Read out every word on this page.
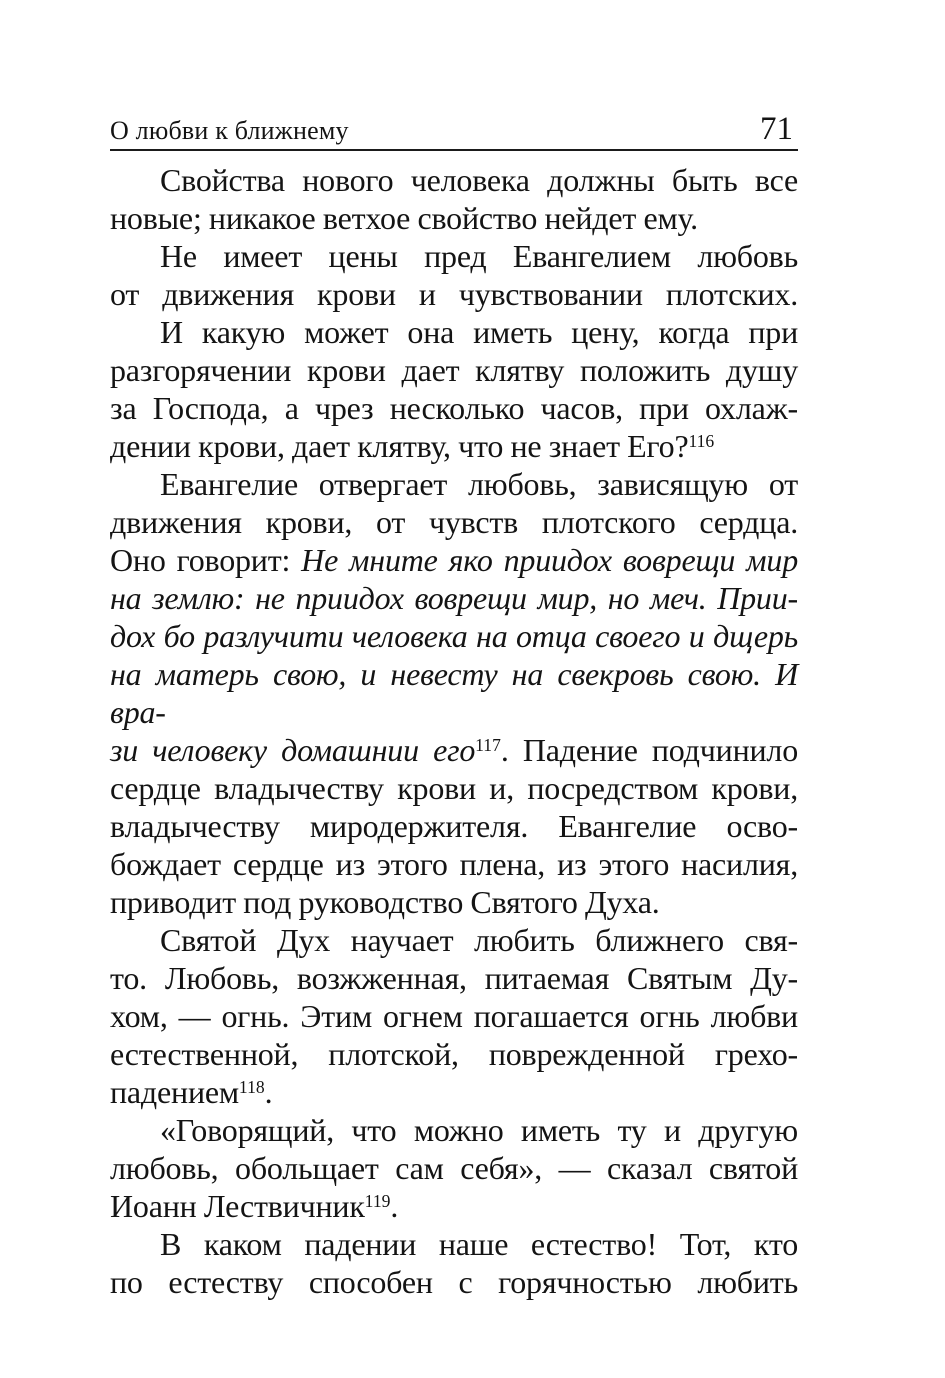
О любви к ближнему	71
Свойства нового человека должны быть все
новые; никакое ветхое свойство нейдет ему.
Не имеет цены пред Евангелием любовь
от движения крови и чувствовании плотских.
И какую может она иметь цену, когда при
разгорячении крови дает клятву положить душу
за Господа, а чрез несколько часов, при охлаж-
дении крови, дает клятву, что не знает Его?$^{116}$
Евангелие отвергает любовь, зависящую от
движения крови, от чувств плотского сердца.
Оно говорит: Не мните яко приидох воврещи мир
на землю: не приидох воврещи мир, но меч. Прии-
дох бо разлучити человека на отца своего и дщерь
на матерь свою, и невесту на свекровь свою. И вра-
зи человеку домашнии его$^{117}$. Падение подчинило
сердце владычеству крови и, посредством крови,
владычеству миродержителя. Евангелие осво-
бождает сердце из этого плена, из этого насилия,
приводит под руководство Святого Духа.
Святой Дух научает любить ближнего свя-
то. Любовь, возжженная, питаемая Святым Ду-
хом, — огнь. Этим огнем погашается огнь любви
естественной, плотской, поврежденной грехо-
падением$^{118}$.
«Говорящий, что можно иметь ту и другую
любовь, обольщает сам себя», — сказал святой
Иоанн Лествичник$^{119}$.
В каком падении наше естество! Тот, кто
по естеству способен с горячностью любить
